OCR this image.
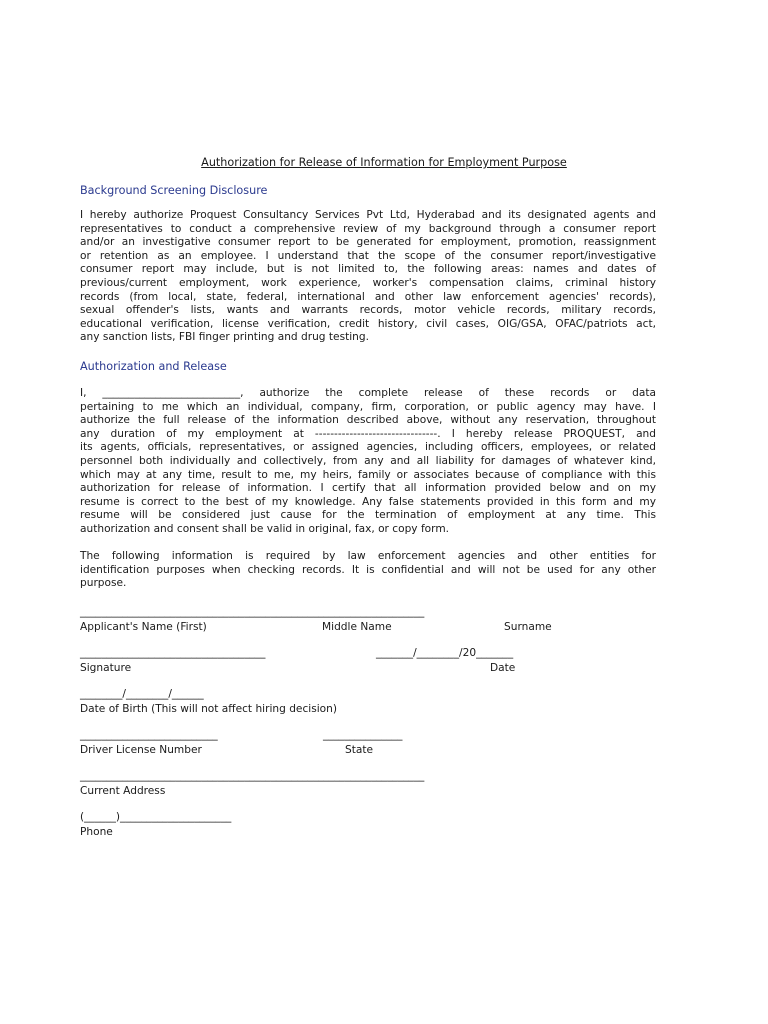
Authorization for Release of Information for Employment Purpose
Background Screening Disclosure
I hereby authorize Proquest Consultancy Services Pvt Ltd, Hyderabad and its designated agents and
representatives to conduct a comprehensive review of my background through a consumer report
and/or an investigative consumer report to be generated for employment, promotion, reassignment
or retention as an employee. I understand that the scope of the consumer report/investigative
consumer report may include, but is not limited to, the following areas: names and dates of
previous/current employment, work experience, worker's compensation claims, criminal history
records (from local, state, federal, international and other law enforcement agencies' records),
sexual offender's lists, wants and warrants records, motor vehicle records, military records,
educational verification, license verification, credit history, civil cases, OIG/GSA, OFAC/patriots act,
any sanction lists, FBI finger printing and drug testing.
Authorization and Release
I, __________________________, authorize the complete release of these records or data
pertaining to me which an individual, company, firm, corporation, or public agency may have. I
authorize the full release of the information described above, without any reservation, throughout
any duration of my employment at --------------------------------. I hereby release PROQUEST, and
its agents, officials, representatives, or assigned agencies, including officers, employees, or related
personnel both individually and collectively, from any and all liability for damages of whatever kind,
which may at any time, result to me, my heirs, family or associates because of compliance with this
authorization for release of information. I certify that all information provided below and on my
resume is correct to the best of my knowledge. Any false statements provided in this form and my
resume will be considered just cause for the termination of employment at any time. This
authorization and consent shall be valid in original, fax, or copy form.
The following information is required by law enforcement agencies and other entities for
identification purposes when checking records. It is confidential and will not be used for any other
purpose.
_________________________________________________________________
Applicant's Name (First)	Middle Name	Surname
___________________________________	_______/________/20_______
Signature	Date
________/________/______
Date of Birth (This will not affect hiring decision)
__________________________	_______________
Driver License Number	State
_________________________________________________________________
Current Address
(______)_____________________
Phone
